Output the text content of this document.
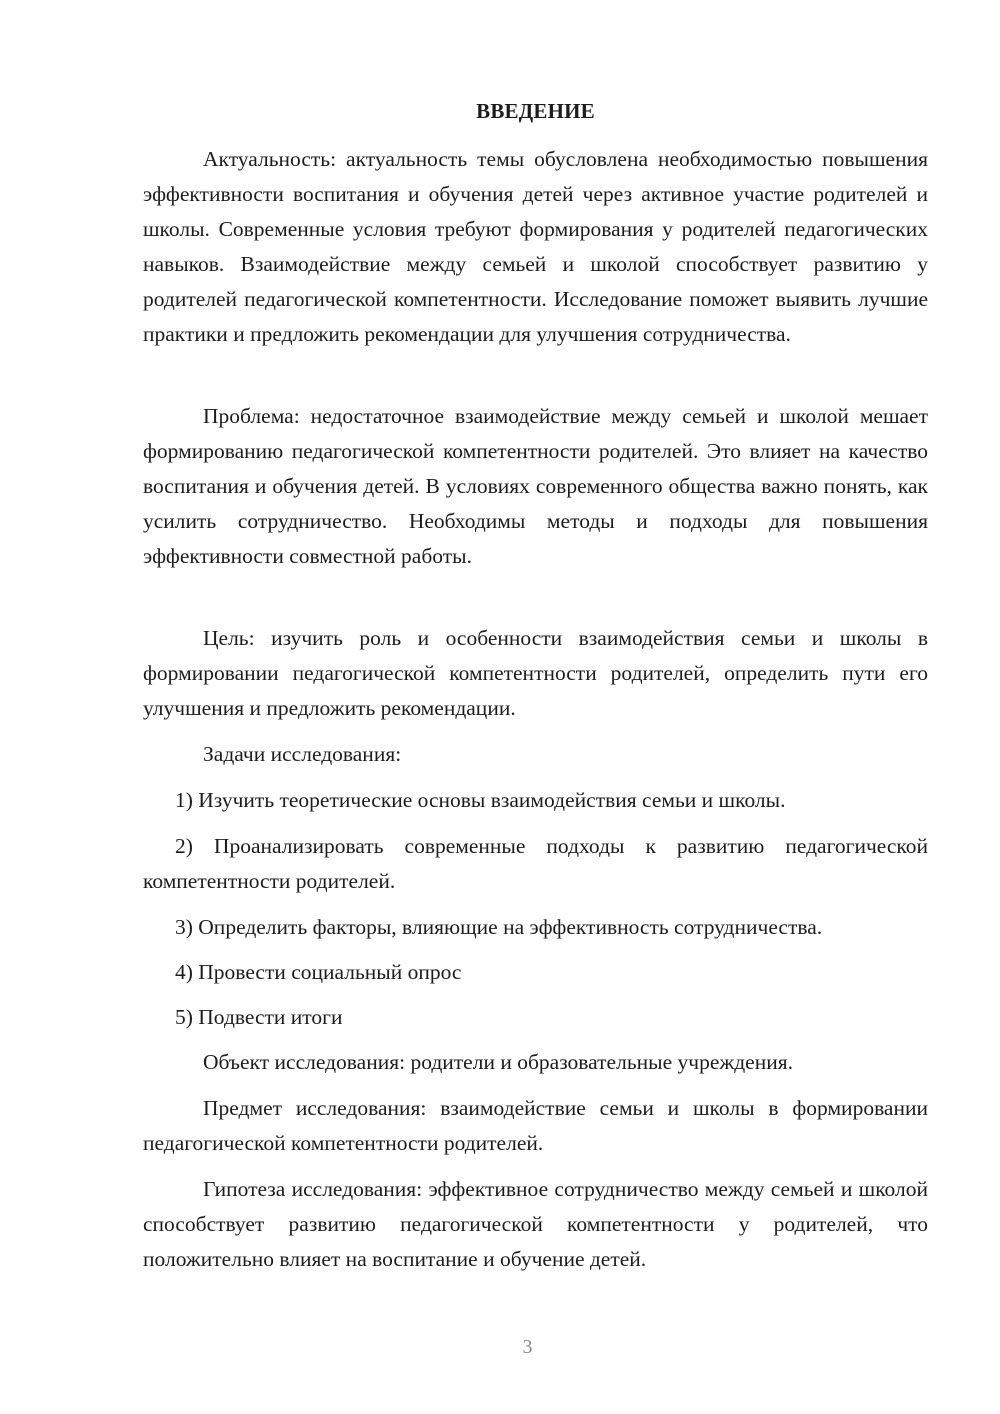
ВВЕДЕНИЕ

Актуальность: актуальность темы обусловлена необходимостью повышения эффективности воспитания и обучения детей через активное участие родителей и школы. Современные условия требуют формирования у родителей педагогических навыков. Взаимодействие между семьей и школой способствует развитию у родителей педагогической компетентности. Исследование поможет выявить лучшие практики и предложить рекомендации для улучшения сотрудничества.

Проблема: недостаточное взаимодействие между семьей и школой мешает формированию педагогической компетентности родителей. Это влияет на качество воспитания и обучения детей. В условиях современного общества важно понять, как усилить сотрудничество. Необходимы методы и подходы для повышения эффективности совместной работы.

Цель: изучить роль и особенности взаимодействия семьи и школы в формировании педагогической компетентности родителей, определить пути его улучшения и предложить рекомендации.

Задачи исследования:

1) Изучить теоретические основы взаимодействия семьи и школы.

2) Проанализировать современные подходы к развитию педагогической компетентности родителей.

3) Определить факторы, влияющие на эффективность сотрудничества.

4) Провести социальный опрос

5) Подвести итоги

Объект исследования: родители и образовательные учреждения.

Предмет исследования: взаимодействие семьи и школы в формировании педагогической компетентности родителей.

Гипотеза исследования: эффективное сотрудничество между семьей и школой способствует развитию педагогической компетентности у родителей, что положительно влияет на воспитание и обучение детей.

3
